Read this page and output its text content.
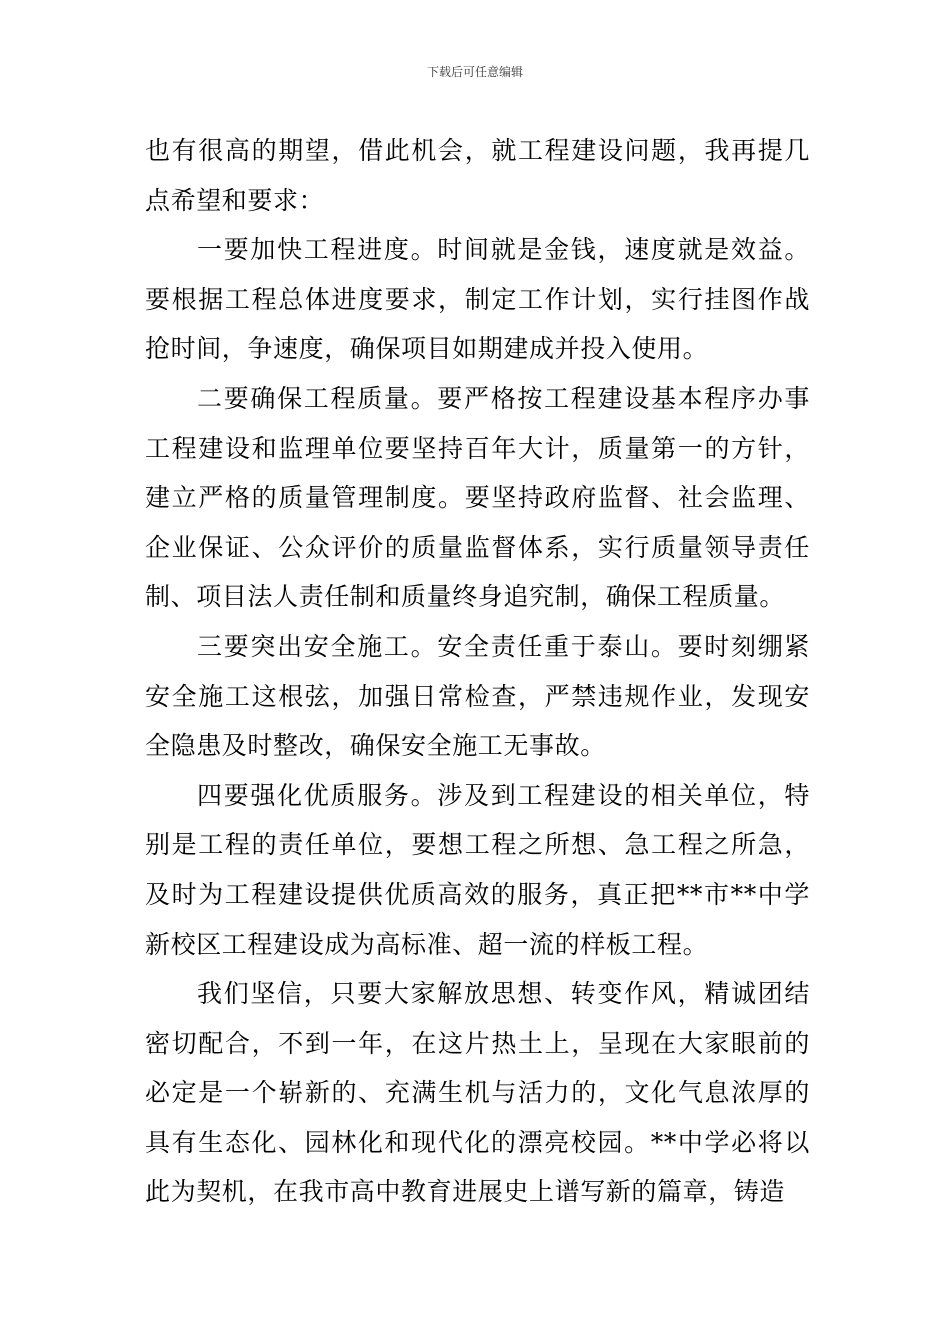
下载后可任意编辑

也有很高的期望，借此机会，就工程建设问题，我再提几点希望和要求：

一要加快工程进度。时间就是金钱，速度就是效益。要根据工程总体进度要求，制定工作计划，实行挂图作战抢时间，争速度，确保项目如期建成并投入使用。

二要确保工程质量。要严格按工程建设基本程序办事工程建设和监理单位要坚持百年大计，质量第一的方针，建立严格的质量管理制度。要坚持政府监督、社会监理、企业保证、公众评价的质量监督体系，实行质量领导责任制、项目法人责任制和质量终身追究制，确保工程质量。

三要突出安全施工。安全责任重于泰山。要时刻绷紧安全施工这根弦，加强日常检查，严禁违规作业，发现安全隐患及时整改，确保安全施工无事故。

四要强化优质服务。涉及到工程建设的相关单位，特别是工程的责任单位，要想工程之所想、急工程之所急，及时为工程建设提供优质高效的服务，真正把**市**中学新校区工程建设成为高标准、超一流的样板工程。

我们坚信，只要大家解放思想、转变作风，精诚团结密切配合，不到一年，在这片热土上，呈现在大家眼前的必定是一个崭新的、充满生机与活力的，文化气息浓厚的具有生态化、园林化和现代化的漂亮校园。**中学必将以此为契机，在我市高中教育进展史上谱写新的篇章，铸造
